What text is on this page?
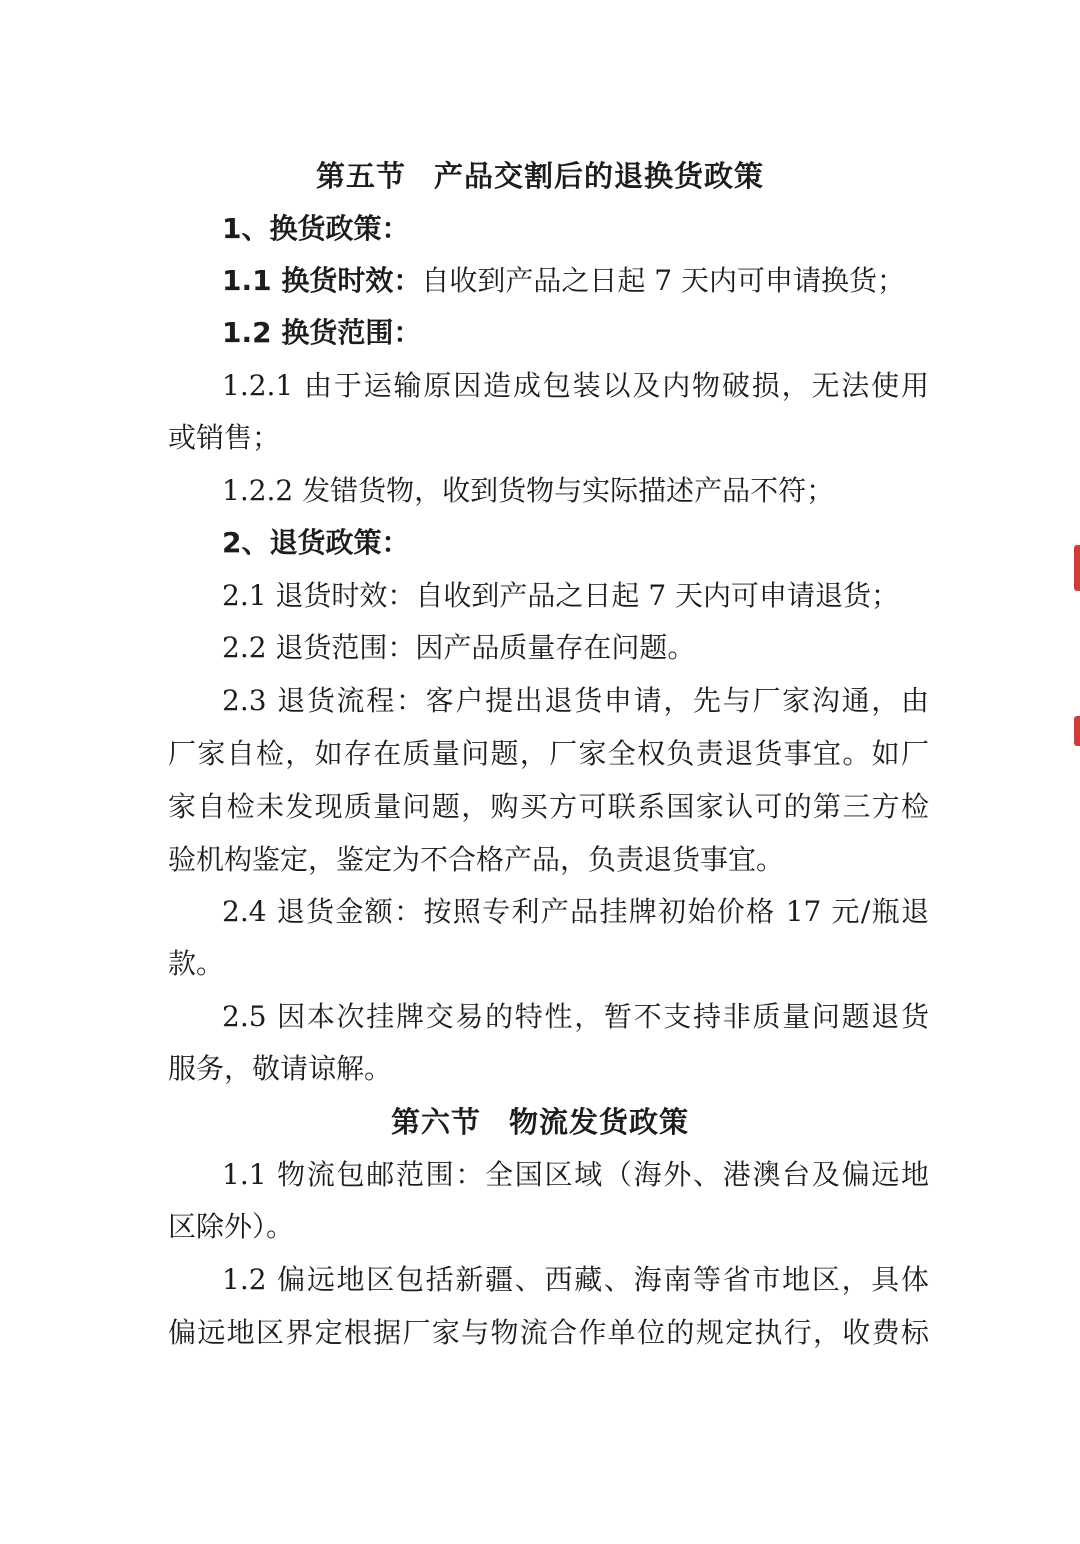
第五节 产品交割后的退换货政策
1、换货政策：
1.1 换货时效：自收到产品之日起 7 天内可申请换货；
1.2 换货范围：
1.2.1 由于运输原因造成包装以及内物破损，无法使用
或销售；
1.2.2 发错货物，收到货物与实际描述产品不符；
2、退货政策：
2.1 退货时效：自收到产品之日起 7 天内可申请退货；
2.2 退货范围：因产品质量存在问题。
2.3 退货流程：客户提出退货申请，先与厂家沟通，由
厂家自检，如存在质量问题，厂家全权负责退货事宜。如厂
家自检未发现质量问题，购买方可联系国家认可的第三方检
验机构鉴定，鉴定为不合格产品，负责退货事宜。
2.4 退货金额：按照专利产品挂牌初始价格 17 元/瓶退
款。
2.5 因本次挂牌交易的特性，暂不支持非质量问题退货
服务，敬请谅解。
第六节 物流发货政策
1.1 物流包邮范围：全国区域（海外、港澳台及偏远地
区除外）。
1.2 偏远地区包括新疆、西藏、海南等省市地区，具体
偏远地区界定根据厂家与物流合作单位的规定执行，收费标
